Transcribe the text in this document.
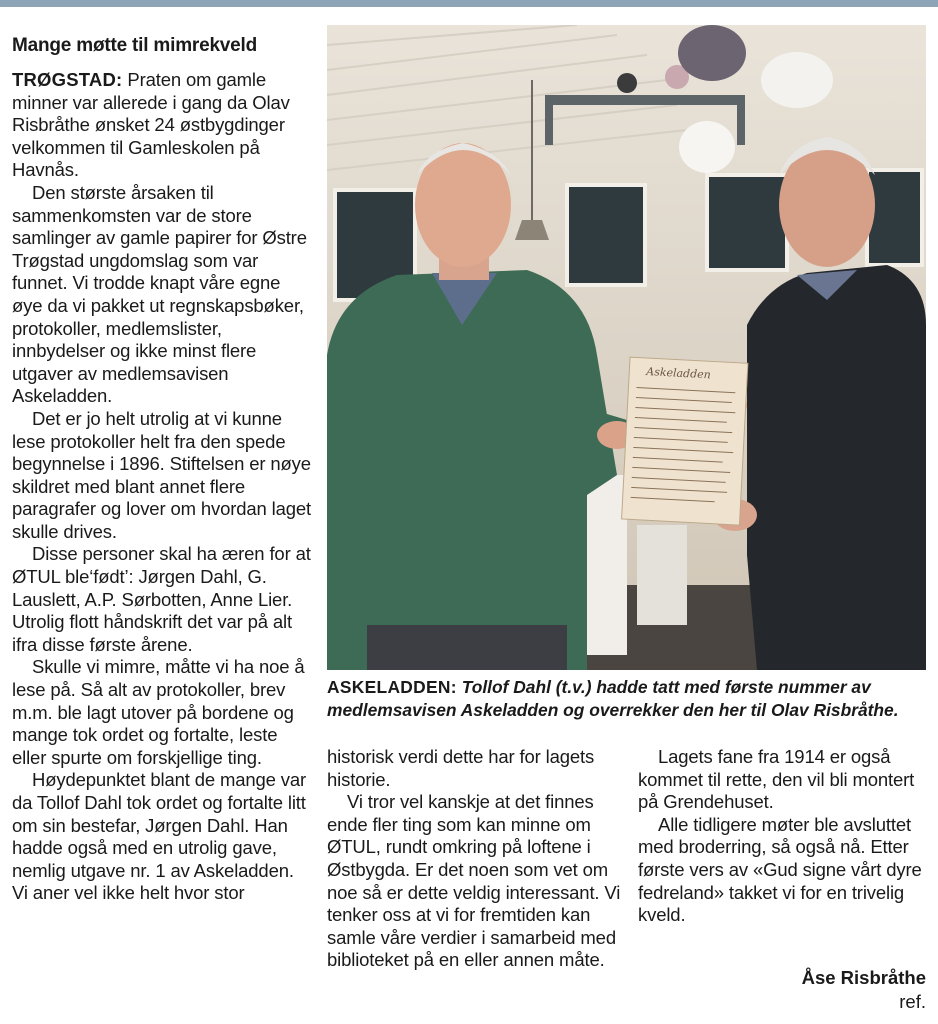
Mange møtte til mimrekveld

TRØGSTAD: Praten om gamle minner var allerede i gang da Olav Risbråthe ønsket 24 østbygdinger velkommen til Gamleskolen på Havnås.

Den største årsaken til sammenkomsten var de store samlinger av gamle papirer for Østre Trøgstad ungdomslag som var funnet. Vi trodde knapt våre egne øye da vi pakket ut regnskapsbøker, protokoller, medlemslister, innbydelser og ikke minst flere utgaver av medlemsavisen Askeladden.

Det er jo helt utrolig at vi kunne lese protokoller helt fra den spede begynnelse i 1896. Stiftelsen er nøye skildret med blant annet flere paragrafer og lover om hvordan laget skulle drives.

Disse personer skal ha æren for at ØTUL ble‘født’: Jørgen Dahl, G. Lauslett, A.P. Sørbotten, Anne Lier. Utrolig flott håndskrift det var på alt ifra disse første årene.

Skulle vi mimre, måtte vi ha noe å lese på. Så alt av protokoller, brev m.m. ble lagt utover på bordene og mange tok ordet og fortalte, leste eller spurte om forskjellige ting.

Høydepunktet blant de mange var da Tollof Dahl tok ordet og fortalte litt om sin bestefar, Jørgen Dahl. Han hadde også med en utrolig gave, nemlig utgave nr. 1 av Askeladden. Vi aner vel ikke helt hvor stor

Askeladden
ASKELADDEN: Tollof Dahl (t.v.) hadde tatt med første nummer av medlemsavisen Askeladden og overrekker den her til Olav Risbråthe.

historisk verdi dette har for lagets historie.

Vi tror vel kanskje at det finnes ende fler ting som kan minne om ØTUL, rundt omkring på loftene i Østbygda. Er det noen som vet om noe så er dette veldig interessant. Vi tenker oss at vi for fremtiden kan samle våre verdier i samarbeid med biblioteket på en eller annen måte.

Lagets fane fra 1914 er også kommet til rette, den vil bli montert på Grendehuset.

Alle tidligere møter ble avsluttet med broderring, så også nå. Etter første vers av «Gud signe vårt dyre fedreland» takket vi for en trivelig kveld.

Åse Risbråthe
ref.
